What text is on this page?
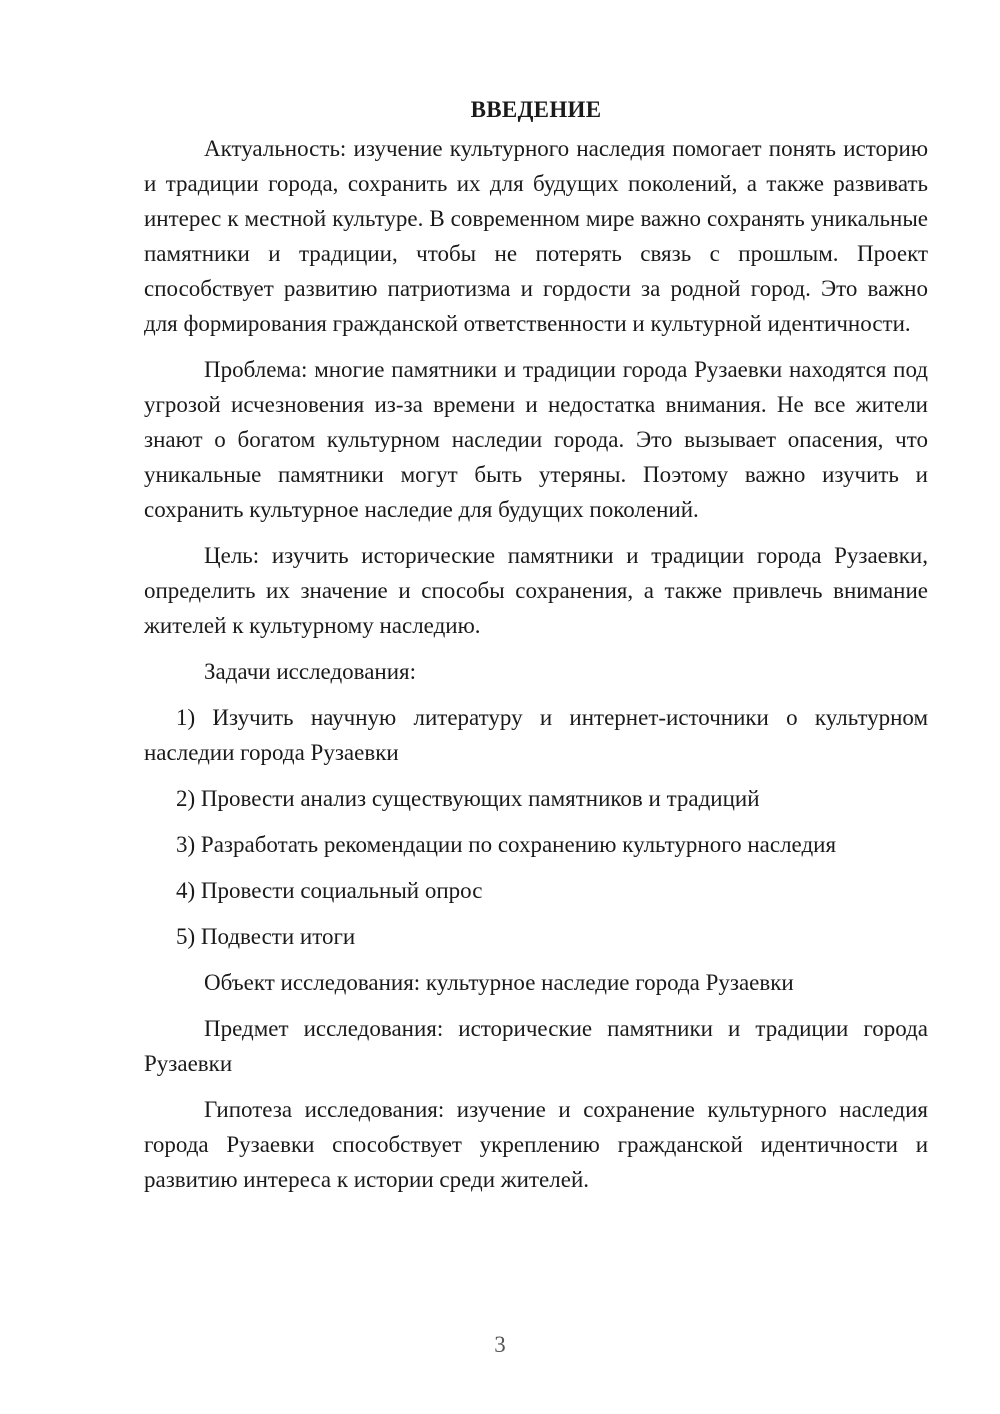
ВВЕДЕНИЕ

Актуальность: изучение культурного наследия помогает понять историю и традиции города, сохранить их для будущих поколений, а также развивать интерес к местной культуре. В современном мире важно сохранять уникальные памятники и традиции, чтобы не потерять связь с прошлым. Проект способствует развитию патриотизма и гордости за родной город. Это важно для формирования гражданской ответственности и культурной идентичности.

Проблема: многие памятники и традиции города Рузаевки находятся под угрозой исчезновения из-за времени и недостатка внимания. Не все жители знают о богатом культурном наследии города. Это вызывает опасения, что уникальные памятники могут быть утеряны. Поэтому важно изучить и сохранить культурное наследие для будущих поколений.

Цель: изучить исторические памятники и традиции города Рузаевки, определить их значение и способы сохранения, а также привлечь внимание жителей к культурному наследию.

Задачи исследования:

1) Изучить научную литературу и интернет-источники о культурном наследии города Рузаевки

2) Провести анализ существующих памятников и традиций

3) Разработать рекомендации по сохранению культурного наследия

4) Провести социальный опрос

5) Подвести итоги

Объект исследования: культурное наследие города Рузаевки

Предмет исследования: исторические памятники и традиции города Рузаевки

Гипотеза исследования: изучение и сохранение культурного наследия города Рузаевки способствует укреплению гражданской идентичности и развитию интереса к истории среди жителей.

3
